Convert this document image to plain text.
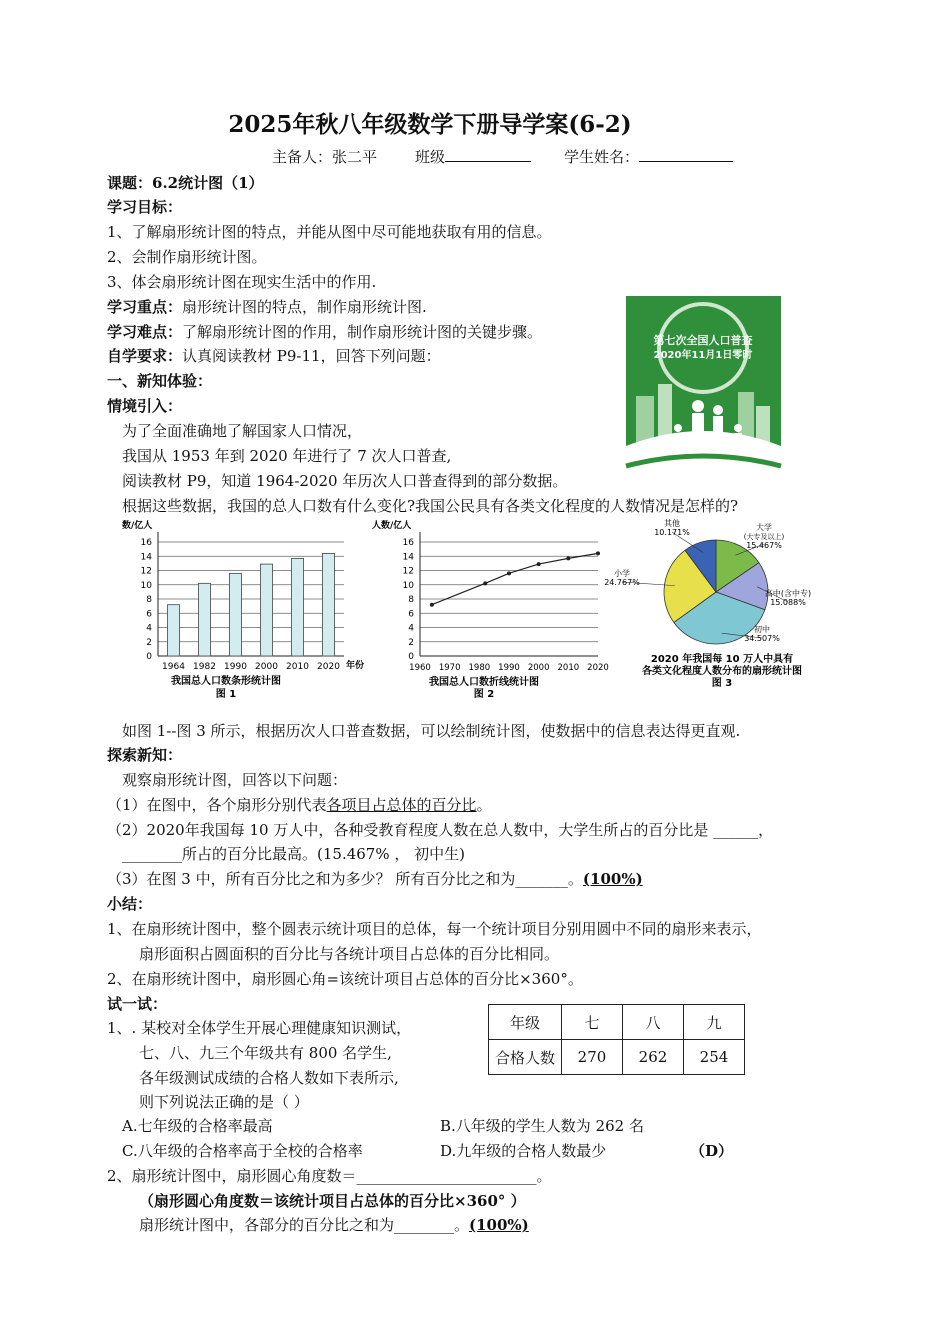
2025年秋八年级数学下册导学案(6-2)
主备人：张二平	班级	学生姓名：
课题：6.2统计图（1）
学习目标：
1、了解扇形统计图的特点，并能从图中尽可能地获取有用的信息。
2、会制作扇形统计图。
3、体会扇形统计图在现实生活中的作用.
学习重点：扇形统计图的特点，制作扇形统计图.
学习难点：了解扇形统计图的作用，制作扇形统计图的关键步骤。
自学要求：认真阅读教材 P9-11，回答下列问题：
一、新知体验：
情境引入：
为了全面准确地了解国家人口情况，
我国从 1953 年到 2020 年进行了 7 次人口普查,
阅读教材 P9，知道 1964-2020 年历次人口普查得到的部分数据。
根据这些数据，我国的总人口数有什么变化?我国公民具有各类文化程度的人数情况是怎样的?
第七次全国人口普查
2020年11月1日零时
0
2
4
6
8
10
12
14
16
1964 1982 1990 2000 2010 2020
数/亿人
年份
我国总人口数条形统计图
图 1
0
2
4
6
8
10
12
14
16
1960 1970 1980 1990 2000 2010 2020
人数/亿人
我国总人口数折线统计图
图 2
大学
(大专及以上)
15.467%
高中(含中专)
15.088%
初中
34.507%
小学
24.767%
其他
10.171%
2020 年我国每 10 万人中具有
各类文化程度人数分布的扇形统计图
图 3
如图 1--图 3 所示，根据历次人口普查数据，可以绘制统计图，使数据中的信息表达得更直观.
探索新知：
观察扇形统计图，回答以下问题：
（1）在图中，各个扇形分别代表各项目占总体的百分比。
（2）2020年我国每 10 万人中，各种受教育程度人数在总人数中，大学生所占的百分比是 ______，
________所占的百分比最高。(15.467% ， 初中生)
（3）在图 3 中，所有百分比之和为多少？ 所有百分比之和为_______。(100%)
小结：
1、在扇形统计图中，整个圆表示统计项目的总体，每一个统计项目分别用圆中不同的扇形来表示，
扇形面积占圆面积的百分比与各统计项目占总体的百分比相同。
2、在扇形统计图中，扇形圆心角=该统计项目占总体的百分比×360°。
试一试：
1、. 某校对全体学生开展心理健康知识测试，
七、八、九三个年级共有 800 名学生,
各年级测试成绩的合格人数如下表所示,
则下列说法正确的是（ ）
年级	七	八	九
合格人数	270	262	254
A.七年级的合格率最高	B.八年级的学生人数为 262 名
C.八年级的合格率高于全校的合格率	D.九年级的合格人数最少	（D）
2、扇形统计图中，扇形圆心角度数＝________________________。
（扇形圆心角度数＝该统计项目占总体的百分比×360° ）
扇形统计图中，各部分的百分比之和为________。(100%)
